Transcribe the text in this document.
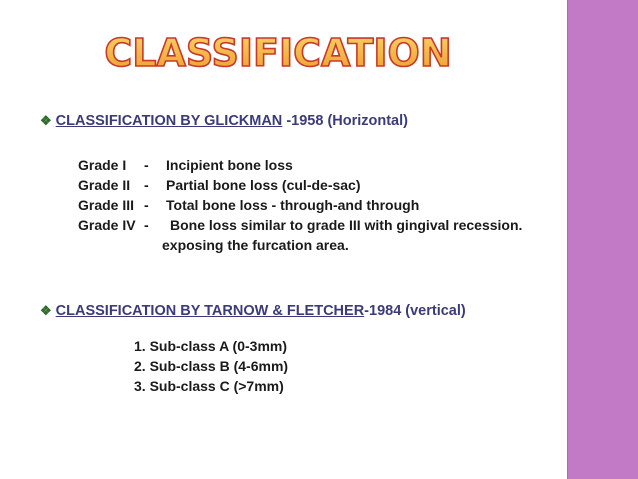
CLASSIFICATION
❖ CLASSIFICATION BY GLICKMAN -1958 (Horizontal)
Grade I - Incipient bone loss
Grade II - Partial bone loss (cul-de-sac)
Grade III - Total bone loss - through-and through
Grade IV - Bone loss similar to grade III with gingival recession.
exposing the furcation area.
❖ CLASSIFICATION BY TARNOW & FLETCHER-1984 (vertical)
1. Sub-class A (0-3mm)
2. Sub-class B (4-6mm)
3. Sub-class C (>7mm)
